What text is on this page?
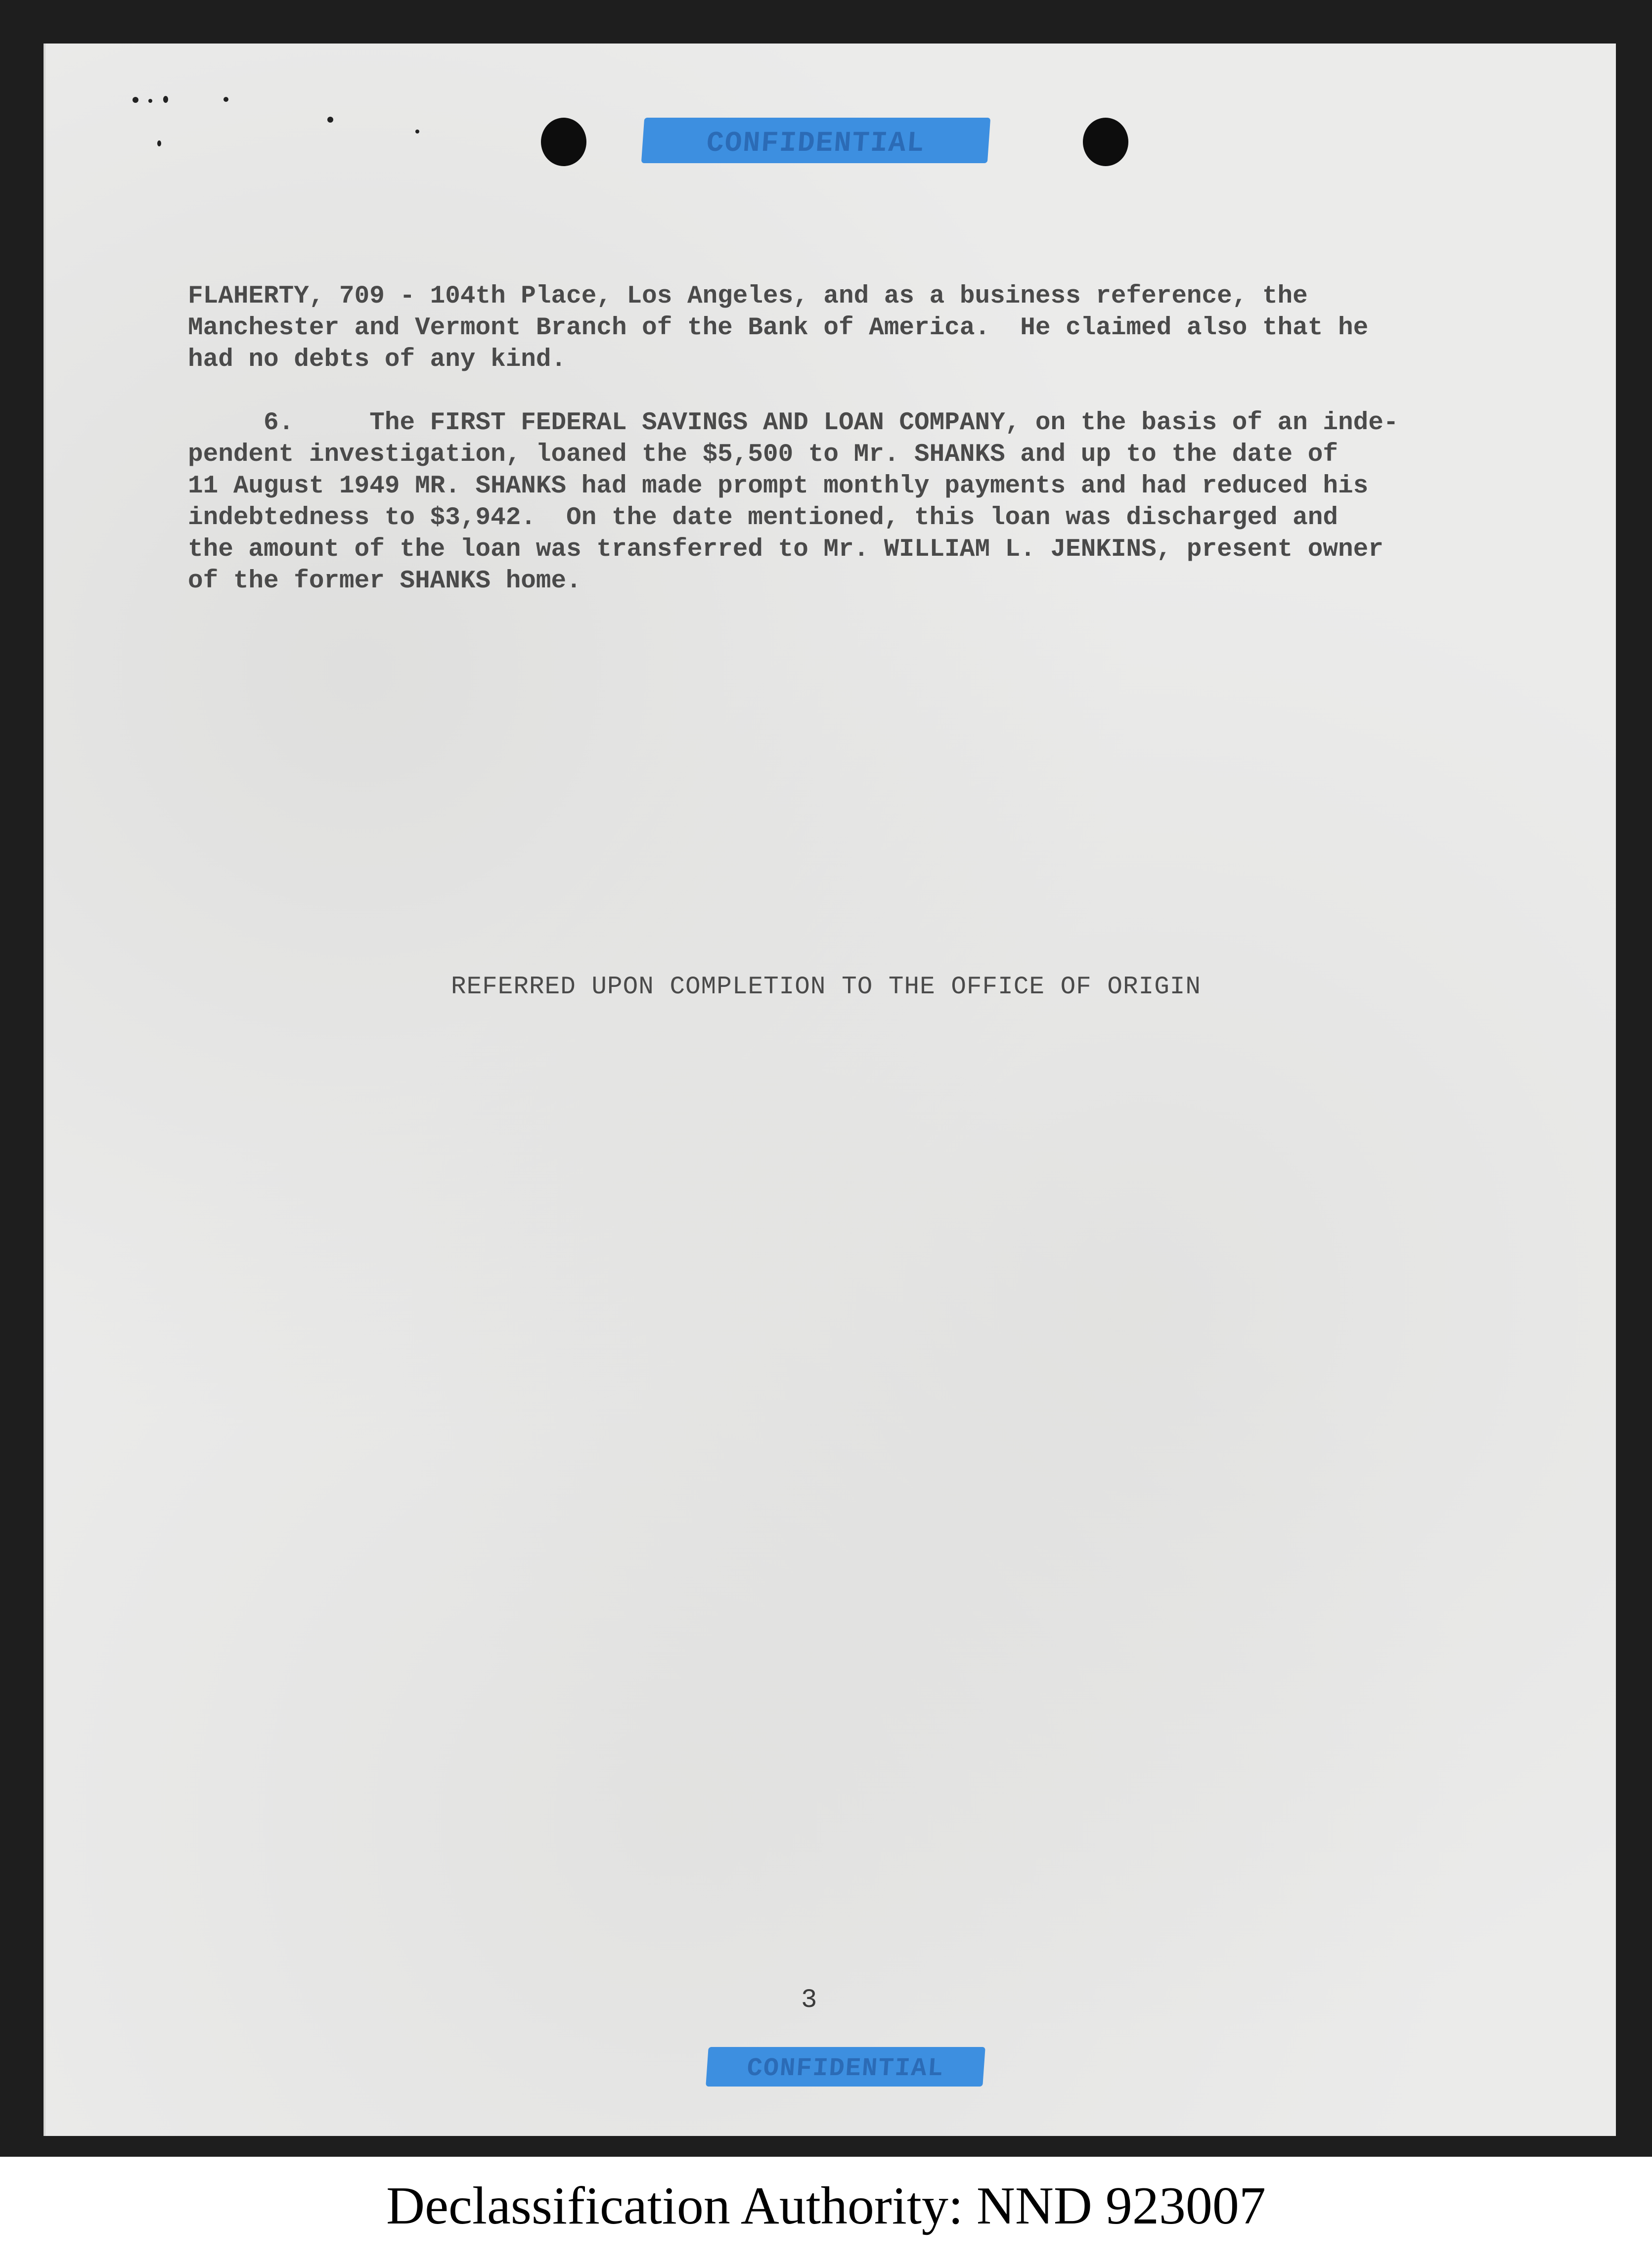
CONFIDENTIAL

FLAHERTY, 709 - 104th Place, Los Angeles, and as a business reference, the

Manchester and Vermont Branch of the Bank of America.  He claimed also that he

had no debts of any kind.

6.     The FIRST FEDERAL SAVINGS AND LOAN COMPANY, on the basis of an inde-

pendent investigation, loaned the $5,500 to Mr. SHANKS and up to the date of

11 August 1949 MR. SHANKS had made prompt monthly payments and had reduced his

indebtedness to $3,942.  On the date mentioned, this loan was discharged and

the amount of the loan was transferred to Mr. WILLIAM L. JENKINS, present owner

of the former SHANKS home.

REFERRED UPON COMPLETION TO THE OFFICE OF ORIGIN
3
CONFIDENTIAL
Declassification Authority: NND 923007
